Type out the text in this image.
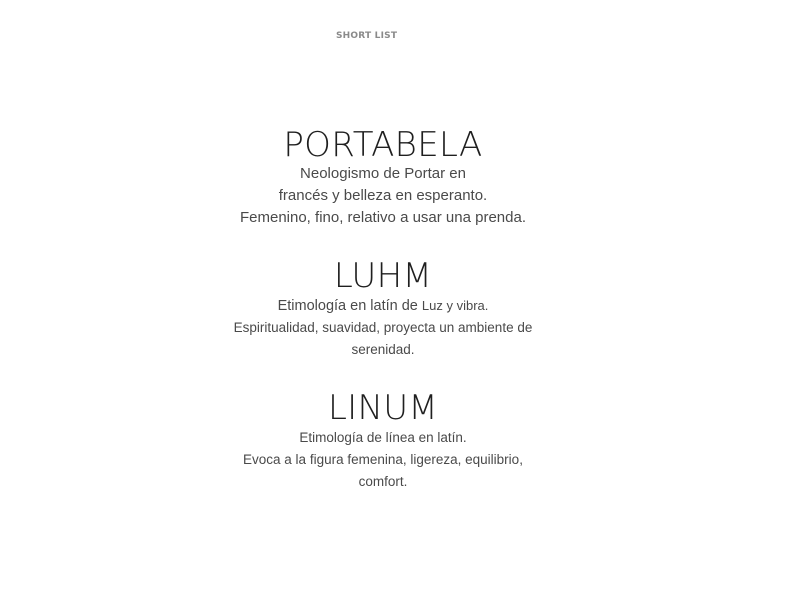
SHORT LIST
PORTABELA
Neologismo de Portar en
francés y belleza en esperanto.
Femenino, fino, relativo a usar una prenda.
LUHM
Etimología en latín de Luz y vibra.
Espiritualidad, suavidad, proyecta un ambiente de
serenidad.
LINUM
Etimología de línea en latín.
Evoca a la figura femenina, ligereza, equilibrio,
comfort.
